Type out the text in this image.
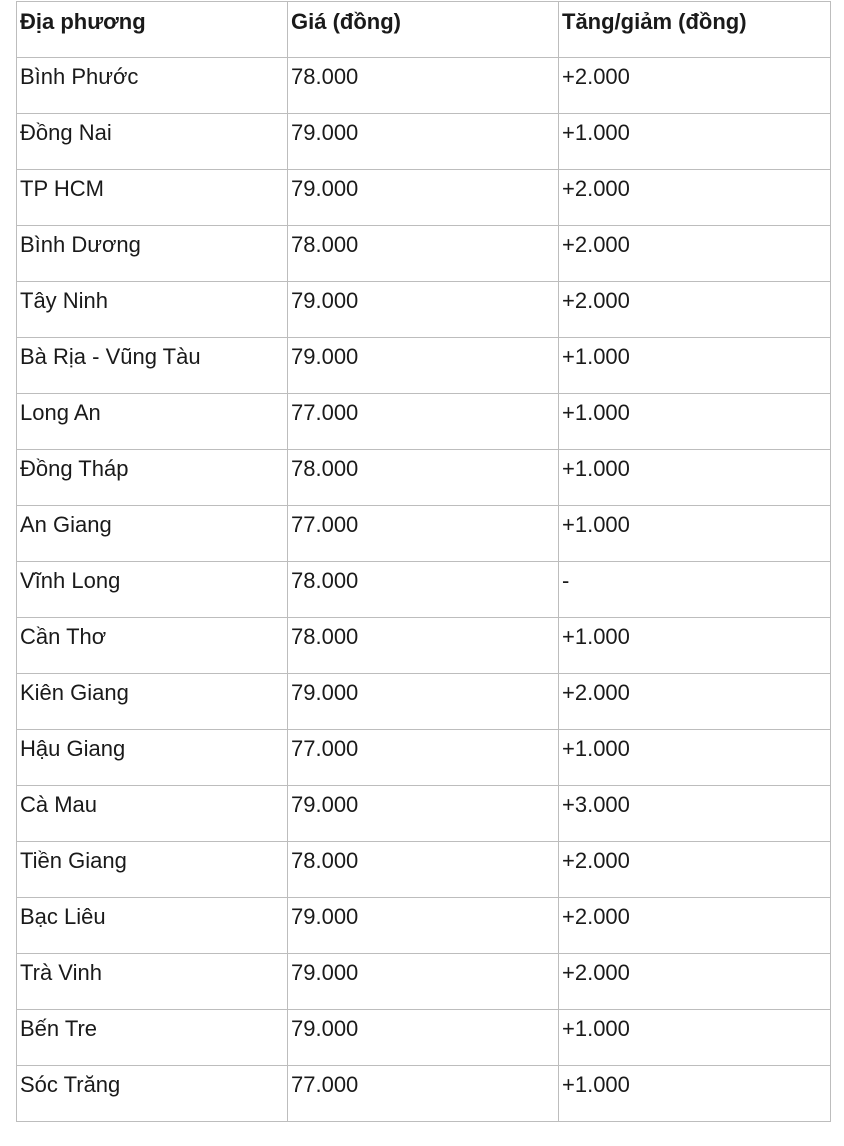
Địa phương	Giá (đồng)	Tăng/giảm (đồng)
Bình Phước	78.000	+2.000
Đồng Nai	79.000	+1.000
TP HCM	79.000	+2.000
Bình Dương	78.000	+2.000
Tây Ninh	79.000	+2.000
Bà Rịa - Vũng Tàu	79.000	+1.000
Long An	77.000	+1.000
Đồng Tháp	78.000	+1.000
An Giang	77.000	+1.000
Vĩnh Long	78.000	-
Cần Thơ	78.000	+1.000
Kiên Giang	79.000	+2.000
Hậu Giang	77.000	+1.000
Cà Mau	79.000	+3.000
Tiền Giang	78.000	+2.000
Bạc Liêu	79.000	+2.000
Trà Vinh	79.000	+2.000
Bến Tre	79.000	+1.000
Sóc Trăng	77.000	+1.000
